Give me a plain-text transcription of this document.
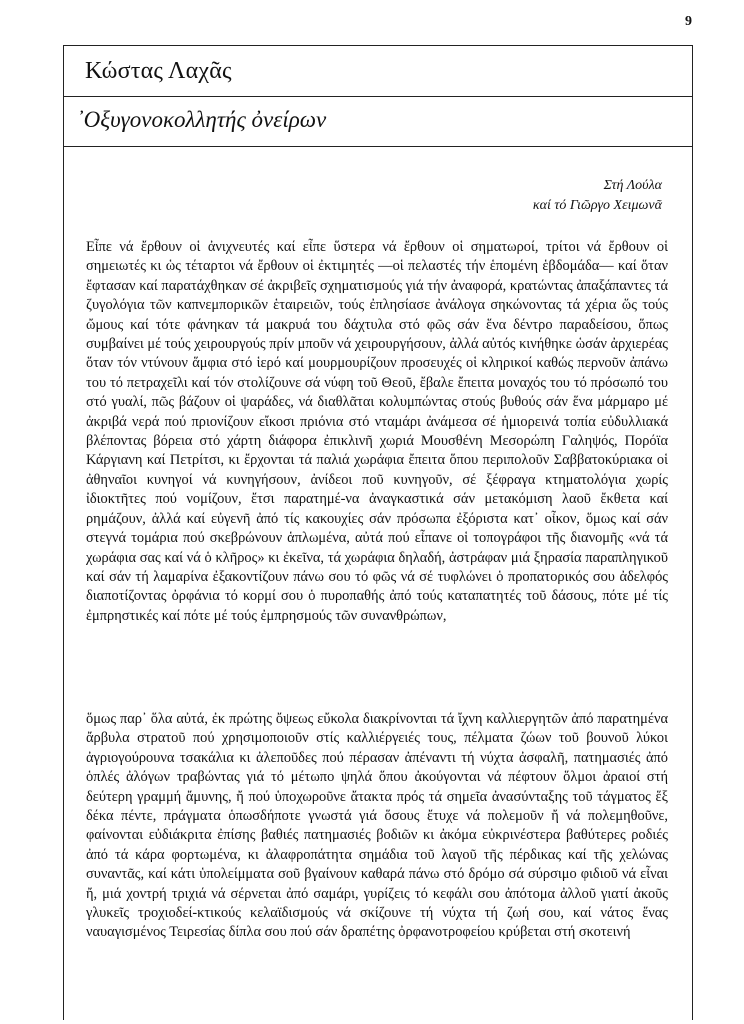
9
Κώστας Λαχᾶς
᾽Οξυγονοκολλητής ὀνείρων
Στή Λούλα
καί τό Γιῶργο Χειμωνᾶ

Εἶπε νά ἔρθουν οἱ ἀνιχνευτές καί εἶπε ὕστερα νά ἔρθουν οἱ σηματωροί, τρίτοι νά ἔρθουν οἱ σημειωτές κι ὡς τέταρτοι νά ἔρθουν οἱ ἐκτιμητές —οἱ πελαστές τήν ἑπομένη ἑβδομάδα— καί ὅταν ἔφτασαν καί παρατάχθηκαν σέ ἀκριβεῖς σχηματισμούς γιά τήν ἀναφορά, κρατώντας ἀπαξάπαντες τά ζυγολόγια τῶν καπνεμπορικῶν ἑταιρειῶν, τούς ἐπλησίασε ἀνάλογα σηκώνοντας τά χέρια ὥς τούς ὤμους καί τότε φάνηκαν τά μακρυά του δάχτυλα στό φῶς σάν ἕνα δέντρο παραδείσου, ὅπως συμβαίνει μέ τούς χειρουργούς πρίν μποῦν νά χειρουργήσουν, ἀλλά αὐτός κινήθηκε ὡσάν ἀρχιερέας ὅταν τόν ντύνουν ἅμφια στό ἱερό καί μουρμουρίζουν προσευχές οἱ κληρικοί καθώς περνοῦν ἀπάνω του τό πετραχεῖλι καί τόν στολίζουνε σά νύφη τοῦ Θεοῦ, ἔβαλε ἔπειτα μοναχός του τό πρόσωπό του στό γυαλί, πῶς βάζουν οἱ ψαράδες, νά διαθλᾶται κολυμπώντας στούς βυθούς σάν ἕνα μάρμαρο μέ ἀκριβά νερά πού πριονίζουν εἴκοσι πριόνια στό νταμάρι ἀνάμεσα σέ ἡμιορεινά τοπία εὐδυλλιακά βλέποντας βόρεια στό χάρτη διάφορα ἐπικλινῆ χωριά Μουσθένη Μεσορώπη Γαληψός, Πορόϊα Κάργιανη καί Πετρίτσι, κι ἔρχονται τά παλιά χωράφια ἔπειτα ὅπου περιπολοῦν Σαββατοκύριακα οἱ ἀθηναῖοι κυνηγοί νά κυνηγήσουν, ἀνίδεοι ποῦ κυνηγοῦν, σέ ξέφραγα κτηματολόγια χωρίς ἰδιοκτῆτες πού νομίζουν, ἔτσι παρατημέ-να ἀναγκαστικά σάν μετακόμιση λαοῦ ἔκθετα καί ρημάζουν, ἀλλά καί εὐγενῆ ἀπό τίς κακουχίες σάν πρόσωπα ἐξόριστα κατ᾽ οἶκον, ὅμως καί σάν στεγνά τομάρια πού σκεβρώνουν ἁπλωμένα, αὐτά πού εἶπανε οἱ τοπογράφοι τῆς διανομῆς «νά τά χωράφια σας καί νά ὁ κλῆρος» κι ἐκεῖνα, τά χωράφια δηλαδή, ἀστράφαν μιά ξηρασία παραπληγικοῦ καί σάν τή λαμαρίνα ἐξακοντίζουν πάνω σου τό φῶς νά σέ τυφλώνει ὁ προπατορικός σου ἀδελφός διαποτίζοντας ὀρφάνια τό κορμί σου ὁ πυροπαθής ἀπό τούς καταπατητές τοῦ δάσους, πότε μέ τίς ἐμπρηστικές καί πότε μέ τούς ἐμπρησμούς τῶν συνανθρώπων,

ὅμως παρ᾽ ὅλα αὐτά, ἐκ πρώτης ὄψεως εὔκολα διακρίνονται τά ἴχνη καλλιεργητῶν ἀπό παρατημένα ἄρβυλα στρατοῦ πού χρησιμοποιοῦν στίς καλλιέργειές τους, πέλματα ζώων τοῦ βουνοῦ λύκοι ἀγριογούρουνα τσακάλια κι ἀλεποῦδες πού πέρασαν ἀπέναντι τή νύχτα ἀσφαλῆ, πατημασιές ἀπό ὁπλές ἀλόγων τραβώντας γιά τό μέτωπο ψηλά ὅπου ἀκούγονται νά πέφτουν ὅλμοι ἀραιοί στή δεύτερη γραμμή ἄμυνης, ἤ πού ὑποχωροῦνε ἄτακτα πρός τά σημεῖα ἀνασύνταξης τοῦ τάγματος ἕξ δέκα πέντε, πράγματα ὁπωσδήποτε γνωστά γιά ὅσους ἔτυχε νά πολεμοῦν ἤ νά πολεμηθοῦνε, φαίνονται εὐδιάκριτα ἐπίσης βαθιές πατημασιές βοδιῶν κι ἀκόμα εὐκρινέστερα βαθύτερες ροδιές ἀπό τά κάρα φορτωμένα, κι ἀλαφροπάτητα σημάδια τοῦ λαγοῦ τῆς πέρδικας καί τῆς χελώνας συναντᾶς, καί κάτι ὑπολείμματα σοῦ βγαίνουν καθαρά πάνω στό δρόμο σά σύρσιμο φιδιοῦ νά εἶναι ἤ, μιά χοντρή τριχιά νά σέρνεται ἀπό σαμάρι, γυρίζεις τό κεφάλι σου ἀπότομα ἀλλοῦ γιατί ἀκοῦς γλυκεῖς τροχιοδεί-κτικούς κελαϊδισμούς νά σκίζουνε τή νύχτα τή ζωή σου, καί νάτος ἕνας ναυαγισμένος Τειρεσίας δίπλα σου πού σάν δραπέτης ὀρφανοτροφείου κρύβεται στή σκοτεινή
